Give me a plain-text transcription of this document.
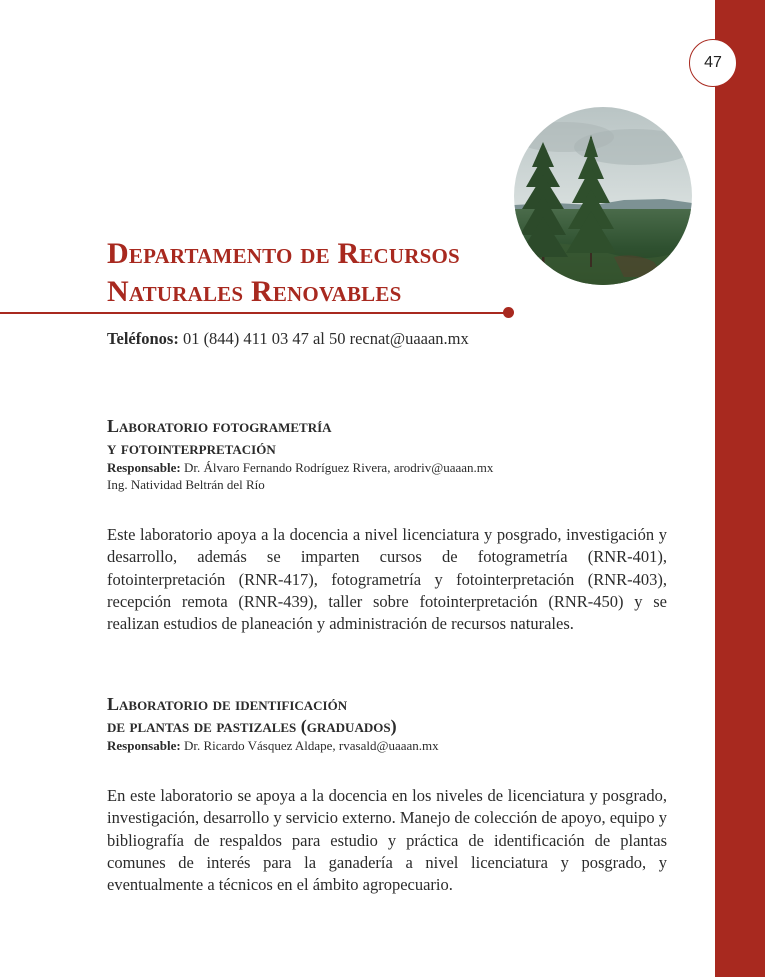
47
Departamento de Recursos
Naturales Renovables
Teléfonos: 01 (844) 411 03 47 al 50 recnat@uaaan.mx
Laboratorio fotogrametría
y fotointerpretación
Responsable: Dr. Álvaro Fernando Rodríguez Rivera, arodriv@uaaan.mx
Ing. Natividad Beltrán del Río

Este laboratorio apoya a la docencia a nivel licenciatura y posgrado, investigación y desarrollo, además se imparten cursos de fotogrametría (RNR-401), fotointerpretación (RNR-417), fotogrametría y fotointerpretación (RNR-403), recepción remota (RNR-439), taller sobre fotointerpretación (RNR-450) y se realizan estudios de planeación y administración de recursos naturales.

Laboratorio de identificación
de plantas de pastizales (graduados)
Responsable: Dr. Ricardo Vásquez Aldape, rvasald@uaaan.mx

En este laboratorio se apoya a la docencia en los niveles de licenciatura y posgrado, investigación, desarrollo y servicio externo. Manejo de colección de apoyo, equipo y bibliografía de respaldos para estudio y práctica de identificación de plantas comunes de interés para la ganadería a nivel licenciatura y posgrado, y eventualmente a técnicos en el ámbito agropecuario.
